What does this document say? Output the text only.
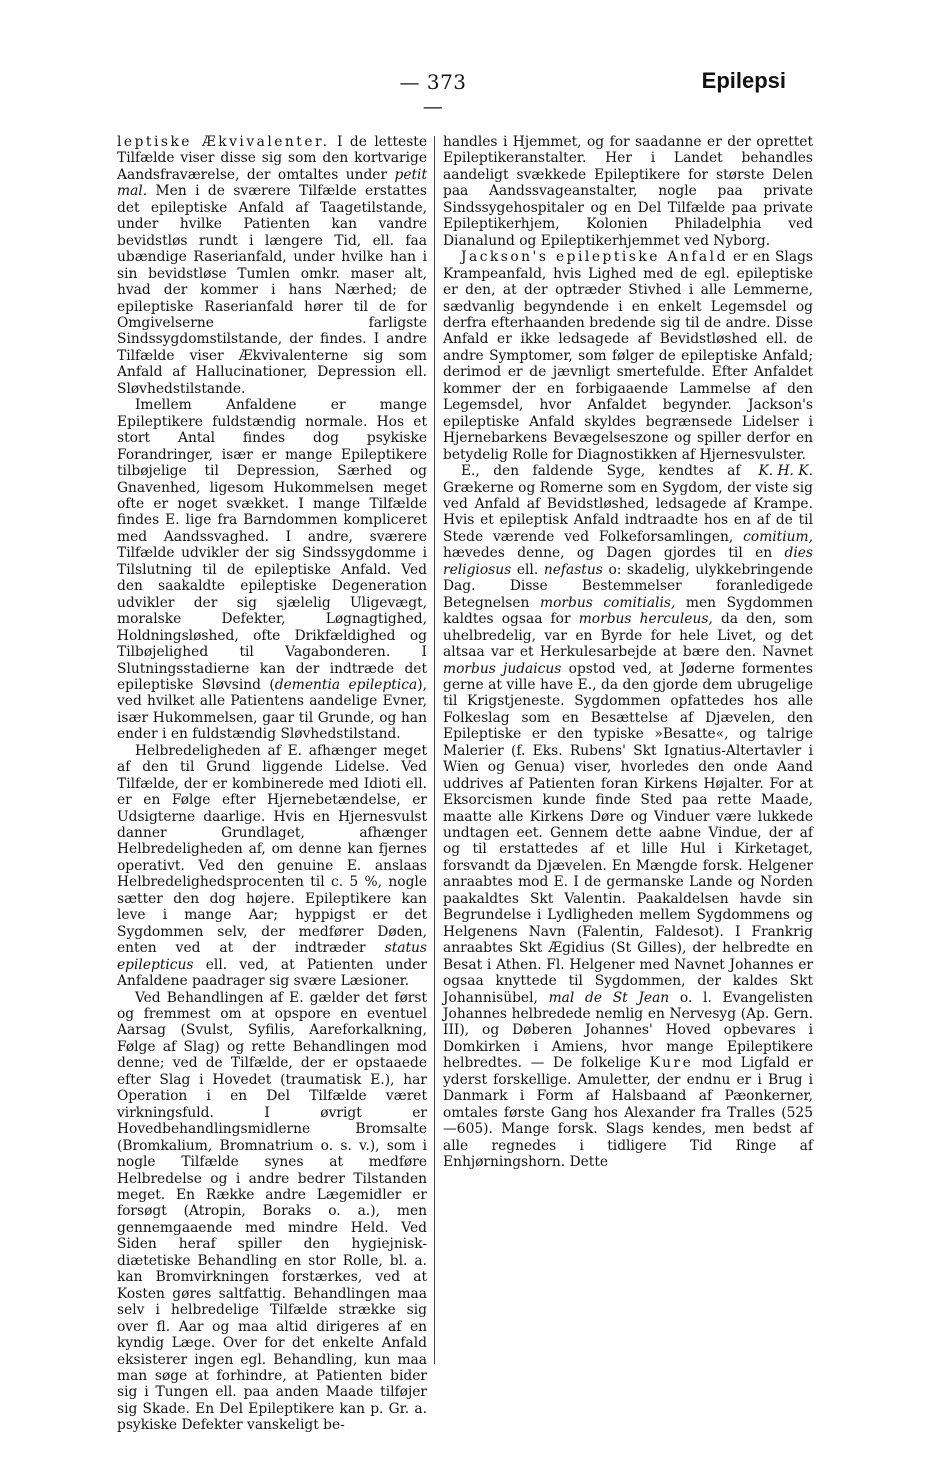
— 373 —
Epilepsi

leptiske Ækvivalenter. I de letteste Tilfælde viser disse sig som den kortvarige Aandsfraværelse, der omtaltes under petit mal. Men i de sværere Tilfælde erstattes det epileptiske Anfald af Taagetilstande, under hvilke Patienten kan vandre bevidstløs rundt i længere Tid, ell. faa ubændige Raserianfald, under hvilke han i sin bevidstløse Tumlen omkr. maser alt, hvad der kommer i hans Nærhed; de epileptiske Raserianfald hører til de for Omgivelserne farligste Sindssygdomstilstande, der findes. I andre Tilfælde viser Ækvivalenterne sig som Anfald af Hallucinationer, Depression ell. Sløvhedstilstande.

Imellem Anfaldene er mange Epileptikere fuldstændig normale. Hos et stort Antal findes dog psykiske Forandringer, især er mange Epileptikere tilbøjelige til Depression, Særhed og Gnavenhed, ligesom Hukommelsen meget ofte er noget svækket. I mange Tilfælde findes E. lige fra Barndommen kompliceret med Aandssvaghed. I andre, sværere Tilfælde udvikler der sig Sindssygdomme i Tilslutning til de epileptiske Anfald. Ved den saakaldte epileptiske Degeneration udvikler der sig sjælelig Uligevægt, moralske Defekter, Løgnagtighed, Holdningsløshed, ofte Drikfældighed og Tilbøjelighed til Vagabonderen. I Slutningsstadierne kan der indtræde det epileptiske Sløvsind (dementia epileptica), ved hvilket alle Patientens aandelige Evner, især Hukommelsen, gaar til Grunde, og han ender i en fuldstændig Sløvhedstilstand.

Helbredeligheden af E. afhænger meget af den til Grund liggende Lidelse. Ved Tilfælde, der er kombinerede med Idioti ell. er en Følge efter Hjernebetændelse, er Udsigterne daarlige. Hvis en Hjernesvulst danner Grundlaget, afhænger Helbredeligheden af, om denne kan fjernes operativt. Ved den genuine E. anslaas Helbredelighedsprocenten til c. 5 %, nogle sætter den dog højere. Epileptikere kan leve i mange Aar; hyppigst er det Sygdommen selv, der medfører Døden, enten ved at der indtræder status epilepticus ell. ved, at Patienten under Anfaldene paadrager sig svære Læsioner.

Ved Behandlingen af E. gælder det først og fremmest om at opspore en eventuel Aarsag (Svulst, Syfilis, Aareforkalkning, Følge af Slag) og rette Behandlingen mod denne; ved de Tilfælde, der er opstaaede efter Slag i Hovedet (traumatisk E.), har Operation i en Del Tilfælde været virkningsfuld. I øvrigt er Hovedbehandlingsmidlerne Bromsalte (Bromkalium, Bromnatrium o. s. v.), som i nogle Tilfælde synes at medføre Helbredelse og i andre bedrer Tilstanden meget. En Række andre Lægemidler er forsøgt (Atropin, Boraks o. a.), men gennemgaaende med mindre Held. Ved Siden heraf spiller den hygiejnisk-diætetiske Behandling en stor Rolle, bl. a. kan Bromvirkningen forstærkes, ved at Kosten gøres saltfattig. Behandlingen maa selv i helbredelige Tilfælde strække sig over fl. Aar og maa altid dirigeres af en kyndig Læge. Over for det enkelte Anfald eksisterer ingen egl. Behandling, kun maa man søge at forhindre, at Patienten bider sig i Tungen ell. paa anden Maade tilføjer sig Skade. En Del Epileptikere kan p. Gr. a. psykiske Defekter vanskeligt be-

handles i Hjemmet, og for saadanne er der oprettet Epileptikeranstalter. Her i Landet behandles aandeligt svækkede Epileptikere for største Delen paa Aandssvageanstalter, nogle paa private Sindssygehospitaler og en Del Tilfælde paa private Epileptikerhjem, Kolonien Philadelphia ved Dianalund og Epileptikerhjemmet ved Nyborg.

Jackson's epileptiske Anfald er en Slags Krampeanfald, hvis Lighed med de egl. epileptiske er den, at der optræder Stivhed i alle Lemmerne, sædvanlig begyndende i en enkelt Legemsdel og derfra efterhaanden bredende sig til de andre. Disse Anfald er ikke ledsagede af Bevidstløshed ell. de andre Symptomer, som følger de epileptiske Anfald; derimod er de jævnligt smertefulde. Efter Anfaldet kommer der en forbigaaende Lammelse af den Legemsdel, hvor Anfaldet begynder. Jackson's epileptiske Anfald skyldes begrænsede Lidelser i Hjernebarkens Bevægelseszone og spiller derfor en betydelig Rolle for Diagnostikken af Hjernesvulster.
K. H. K.

E., den faldende Syge, kendtes af Grækerne og Romerne som en Sygdom, der viste sig ved Anfald af Bevidstløshed, ledsagede af Krampe. Hvis et epileptisk Anfald indtraadte hos en af de til Stede værende ved Folkeforsamlingen, comitium, hævedes denne, og Dagen gjordes til en dies religiosus ell. nefastus o: skadelig, ulykkebringende Dag. Disse Bestemmelser foranledigede Betegnelsen morbus comitialis, men Sygdommen kaldtes ogsaa for morbus herculeus, da den, som uhelbredelig, var en Byrde for hele Livet, og det altsaa var et Herkulesarbejde at bære den. Navnet morbus judaicus opstod ved, at Jøderne formentes gerne at ville have E., da den gjorde dem ubrugelige til Krigstjeneste. Sygdommen opfattedes hos alle Folkeslag som en Besættelse af Djævelen, den Epileptiske er den typiske »Besatte«, og talrige Malerier (f. Eks. Rubens' Skt Ignatius-Altertavler i Wien og Genua) viser, hvorledes den onde Aand uddrives af Patienten foran Kirkens Højalter. For at Eksorcismen kunde finde Sted paa rette Maade, maatte alle Kirkens Døre og Vinduer være lukkede undtagen eet. Gennem dette aabne Vindue, der af og til erstattedes af et lille Hul i Kirketaget, forsvandt da Djævelen. En Mængde forsk. Helgener anraabtes mod E. I de germanske Lande og Norden paakaldtes Skt Valentin. Paakaldelsen havde sin Begrundelse i Lydligheden mellem Sygdommens og Helgenens Navn (Falentin, Faldesot). I Frankrig anraabtes Skt Ægidius (St Gilles), der helbredte en Besat i Athen. Fl. Helgener med Navnet Johannes er ogsaa knyttede til Sygdommen, der kaldes Skt Johannisübel, mal de St Jean o. l. Evangelisten Johannes helbredede nemlig en Nervesyg (Ap. Gern. III), og Døberen Johannes' Hoved opbevares i Domkirken i Amiens, hvor mange Epileptikere helbredtes. — De folkelige Kure mod Ligfald er yderst forskellige. Amuletter, der endnu er i Brug i Danmark i Form af Halsbaand af Pæonkerner, omtales første Gang hos Alexander fra Tralles (525—605). Mange forsk. Slags kendes, men bedst af alle regnedes i tidligere Tid Ringe af Enhjørningshorn. Dette
